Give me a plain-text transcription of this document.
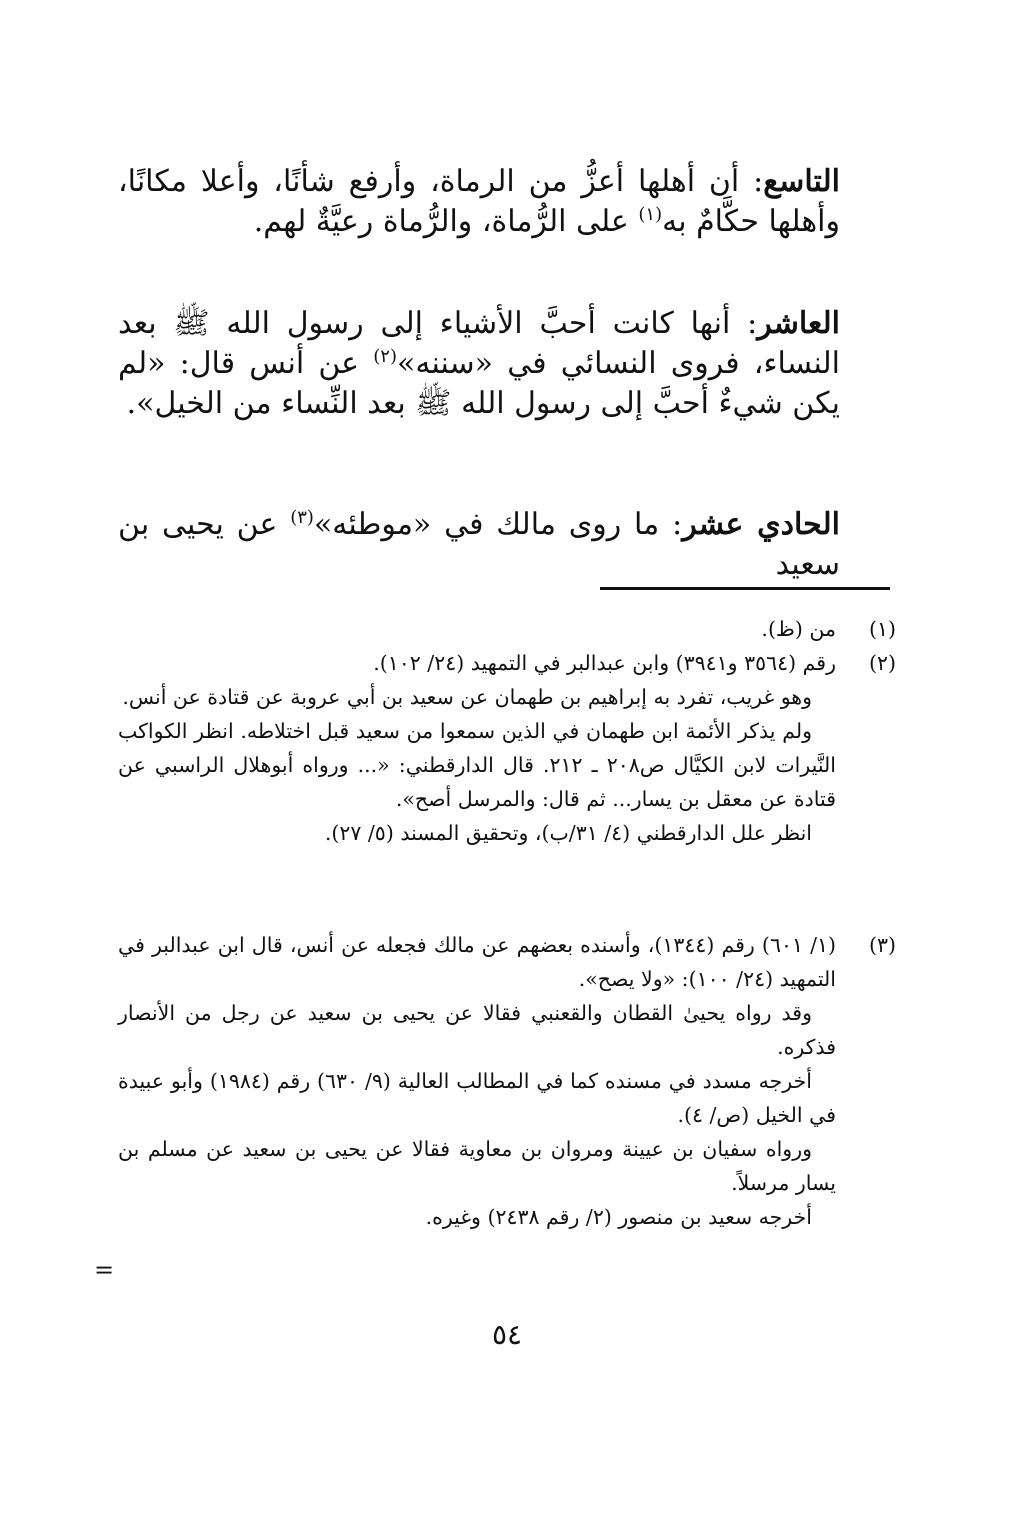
التاسع: أن أهلها أعزُّ من الرماة، وأرفع شأنًا، وأعلا مكانًا، وأهلها حكَّامٌ به$^{(١)}$ على الرُّماة، والرُّماة رعيَّةٌ لهم.
العاشر: أنها كانت أحبَّ الأشياء إلى رسول الله ﷺ بعد النساء، فروى النسائي في «سننه»$^{(٢)}$ عن أنس قال: «لم يكن شيءٌ أحبَّ إلى رسول الله ﷺ بعد النِّساء من الخيل».
الحادي عشر: ما روى مالك في «موطئه»$^{(٣)}$ عن يحيى بن سعيد
(١)
من (ظ).
(٢)
رقم (٣٥٦٤ و٣٩٤١) وابن عبدالبر في التمهيد (٢٤/ ١٠٢).
وهو غريب، تفرد به إبراهيم بن طهمان عن سعيد بن أبي عروبة عن قتادة عن أنس.
ولم يذكر الأئمة ابن طهمان في الذين سمعوا من سعيد قبل اختلاطه. انظر الكواكب النَّيرات لابن الكيَّال ص٢٠٨ ـ ٢١٢. قال الدارقطني: «... ورواه أبوهلال الراسبي عن قتادة عن معقل بن يسار... ثم قال: والمرسل أصح».
انظر علل الدارقطني (٤/ ٣١/ب)، وتحقيق المسند (٥/ ٢٧).
(٣)
(١/ ٦٠١) رقم (١٣٤٤)، وأسنده بعضهم عن مالك فجعله عن أنس، قال ابن عبدالبر في التمهيد (٢٤/ ١٠٠): «ولا يصح».
وقد رواه يحيىٰ القطان والقعنبي فقالا عن يحيى بن سعيد عن رجل من الأنصار فذكره.
أخرجه مسدد في مسنده كما في المطالب العالية (٩/ ٦٣٠) رقم (١٩٨٤) وأبو عبيدة في الخيل (ص/ ٤).
ورواه سفيان بن عيينة ومروان بن معاوية فقالا عن يحيى بن سعيد عن مسلم بن يسار مرسلاً.
أخرجه سعيد بن منصور (٢/ رقم ٢٤٣٨) وغيره.
=
٥٤
